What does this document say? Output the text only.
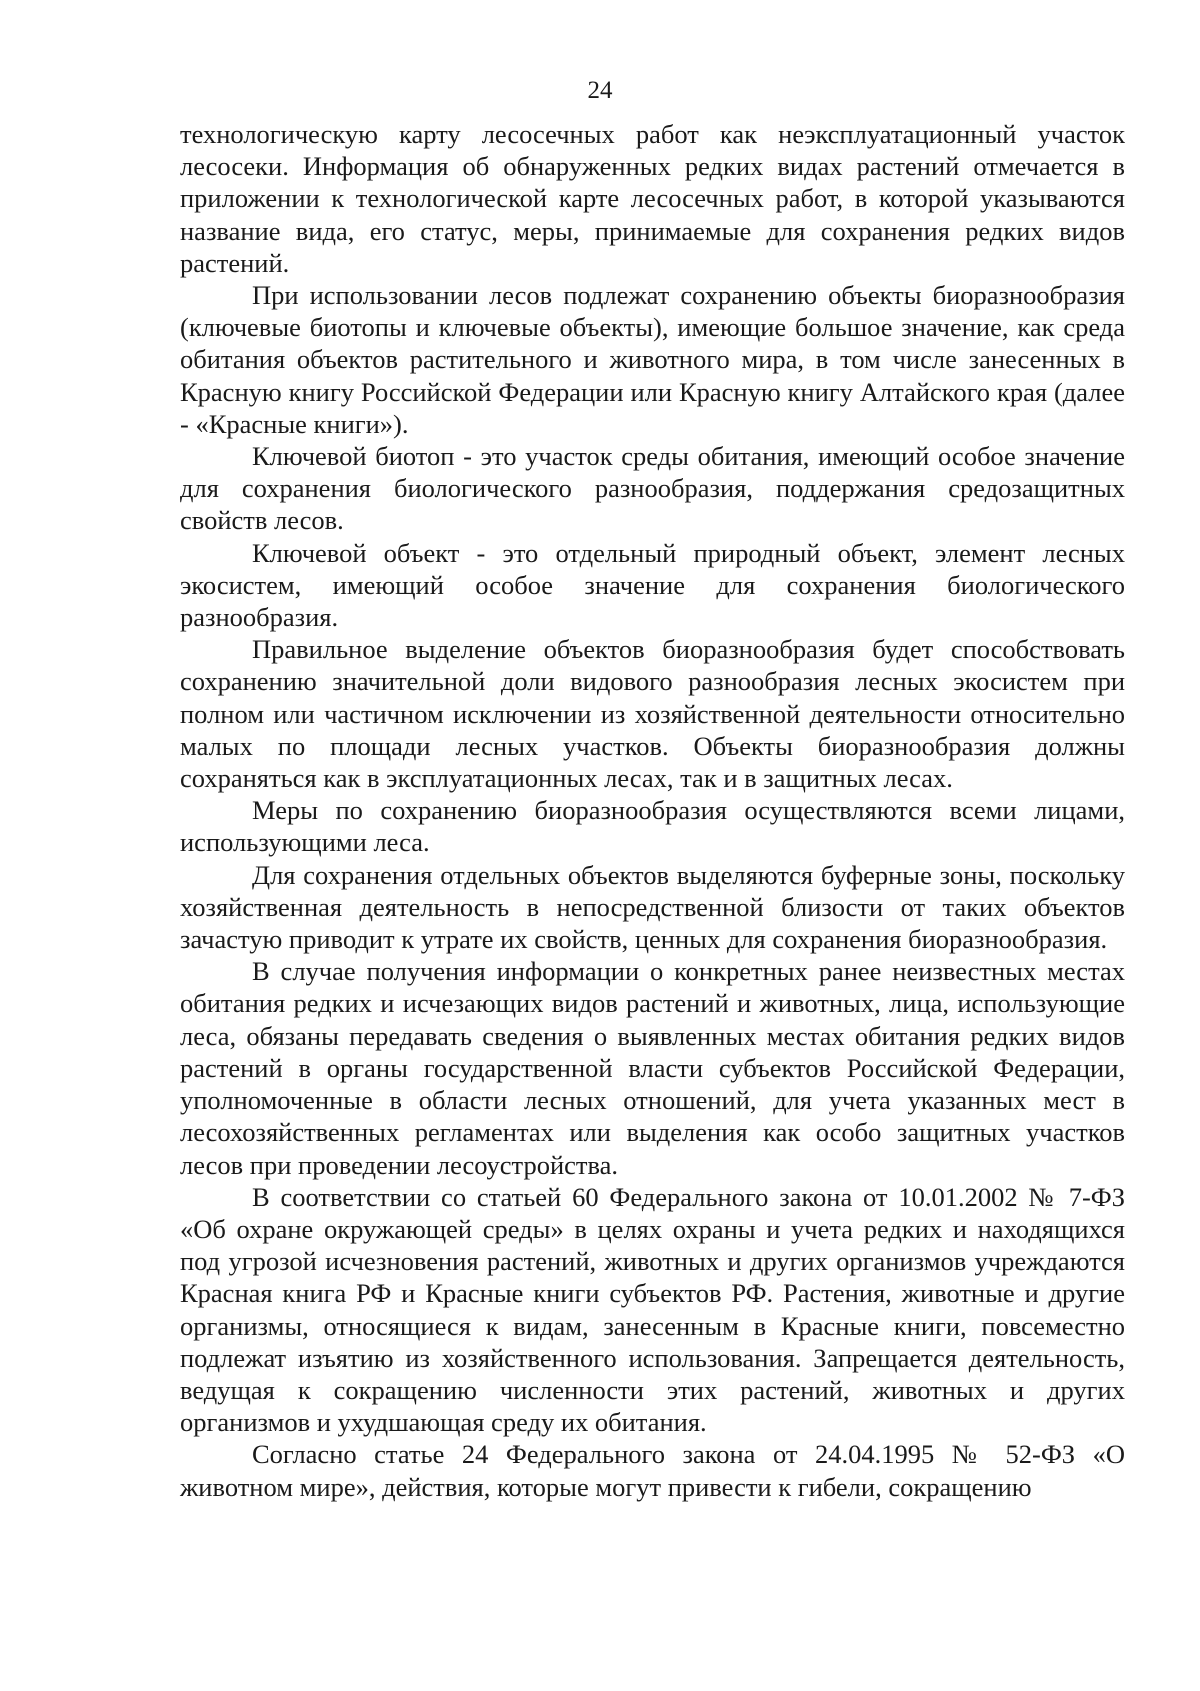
24

технологическую карту лесосечных работ как неэксплуатационный участок лесосеки. Информация об обнаруженных редких видах растений отмечается в приложении к технологической карте лесосечных работ, в которой указываются название вида, его статус, меры, принимаемые для сохранения редких видов растений.

При использовании лесов подлежат сохранению объекты биоразнообразия (ключевые биотопы и ключевые объекты), имеющие большое значение, как среда обитания объектов растительного и животного мира, в том числе занесенных в Красную книгу Российской Федерации или Красную книгу Алтайского края (далее - «Красные книги»).

Ключевой биотоп - это участок среды обитания, имеющий особое значение для сохранения биологического разнообразия, поддержания средозащитных свойств лесов.

Ключевой объект - это отдельный природный объект, элемент лесных экосистем, имеющий особое значение для сохранения биологического разнообразия.

Правильное выделение объектов биоразнообразия будет способствовать сохранению значительной доли видового разнообразия лесных экосистем при полном или частичном исключении из хозяйственной деятельности относительно малых по площади лесных участков. Объекты биоразнообразия должны сохраняться как в эксплуатационных лесах, так и в защитных лесах.

Меры по сохранению биоразнообразия осуществляются всеми лицами, использующими леса.

Для сохранения отдельных объектов выделяются буферные зоны, поскольку хозяйственная деятельность в непосредственной близости от таких объектов зачастую приводит к утрате их свойств, ценных для сохранения биоразнообразия.

В случае получения информации о конкретных ранее неизвестных местах обитания редких и исчезающих видов растений и животных, лица, использующие леса, обязаны передавать сведения о выявленных местах обитания редких видов растений в органы государственной власти субъектов Российской Федерации, уполномоченные в области лесных отношений, для учета указанных мест в лесохозяйственных регламентах или выделения как особо защитных участков лесов при проведении лесоустройства.

В соответствии со статьей 60 Федерального закона от 10.01.2002 № 7-ФЗ «Об охране окружающей среды» в целях охраны и учета редких и находящихся под угрозой исчезновения растений, животных и других организмов учреждаются Красная книга РФ и Красные книги субъектов РФ. Растения, животные и другие организмы, относящиеся к видам, занесенным в Красные книги, повсеместно подлежат изъятию из хозяйственного использования. Запрещается деятельность, ведущая к сокращению численности этих растений, животных и других организмов и ухудшающая среду их обитания.

Согласно статье 24 Федерального закона от 24.04.1995 № 52-ФЗ «О животном мире», действия, которые могут привести к гибели, сокращению
